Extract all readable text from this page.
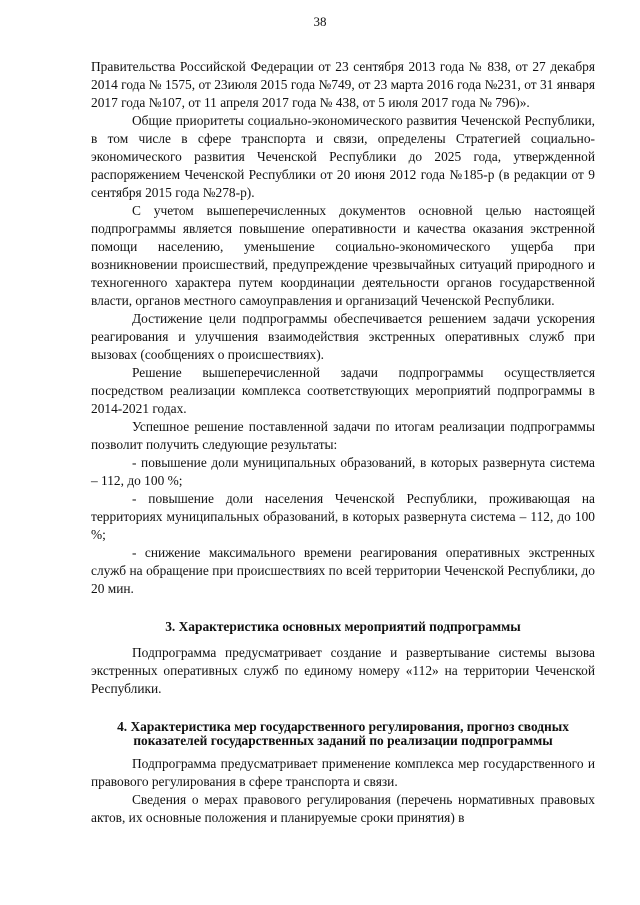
38

Правительства Российской Федерации от 23 сентября 2013 года № 838, от 27 декабря 2014 года № 1575, от 23июля 2015 года №749, от 23 марта 2016 года №231, от 31 января 2017 года №107, от 11 апреля 2017 года № 438, от 5 июля 2017 года № 796)».

Общие приоритеты социально-экономического развития Чеченской Республики, в том числе в сфере транспорта и связи, определены Стратегией социально-экономического развития Чеченской Республики до 2025 года, утвержденной распоряжением Чеченской Республики от 20 июня 2012 года №185-р (в редакции от 9 сентября 2015 года №278-р).

С учетом вышеперечисленных документов основной целью настоящей подпрограммы является повышение оперативности и качества оказания экстренной помощи населению, уменьшение социально-экономического ущерба при возникновении происшествий, предупреждение чрезвычайных ситуаций природного и техногенного характера путем координации деятельности органов государственной власти, органов местного самоуправления и организаций Чеченской Республики.

Достижение цели подпрограммы обеспечивается решением задачи ускорения реагирования и улучшения взаимодействия экстренных оперативных служб при вызовах (сообщениях о происшествиях).

Решение вышеперечисленной задачи подпрограммы осуществляется посредством реализации комплекса соответствующих мероприятий подпрограммы в 2014-2021 годах.

Успешное решение поставленной задачи по итогам реализации подпрограммы позволит получить следующие результаты:

- повышение доли муниципальных образований, в которых развернута система – 112, до 100 %;

- повышение доли населения Чеченской Республики, проживающая на территориях муниципальных образований, в которых развернута система – 112, до 100 %;

- снижение максимального времени реагирования оперативных экстренных служб на обращение при происшествиях по всей территории Чеченской Республики, до 20 мин.

3. Характеристика основных мероприятий подпрограммы

Подпрограмма предусматривает создание и развертывание системы вызова экстренных оперативных служб по единому номеру «112» на территории Чеченской Республики.

4. Характеристика мер государственного регулирования, прогноз сводных показателей государственных заданий по реализации подпрограммы

Подпрограмма предусматривает применение комплекса мер государственного и правового регулирования в сфере транспорта и связи.

Сведения о мерах правового регулирования (перечень нормативных правовых актов, их основные положения и планируемые сроки принятия) в
